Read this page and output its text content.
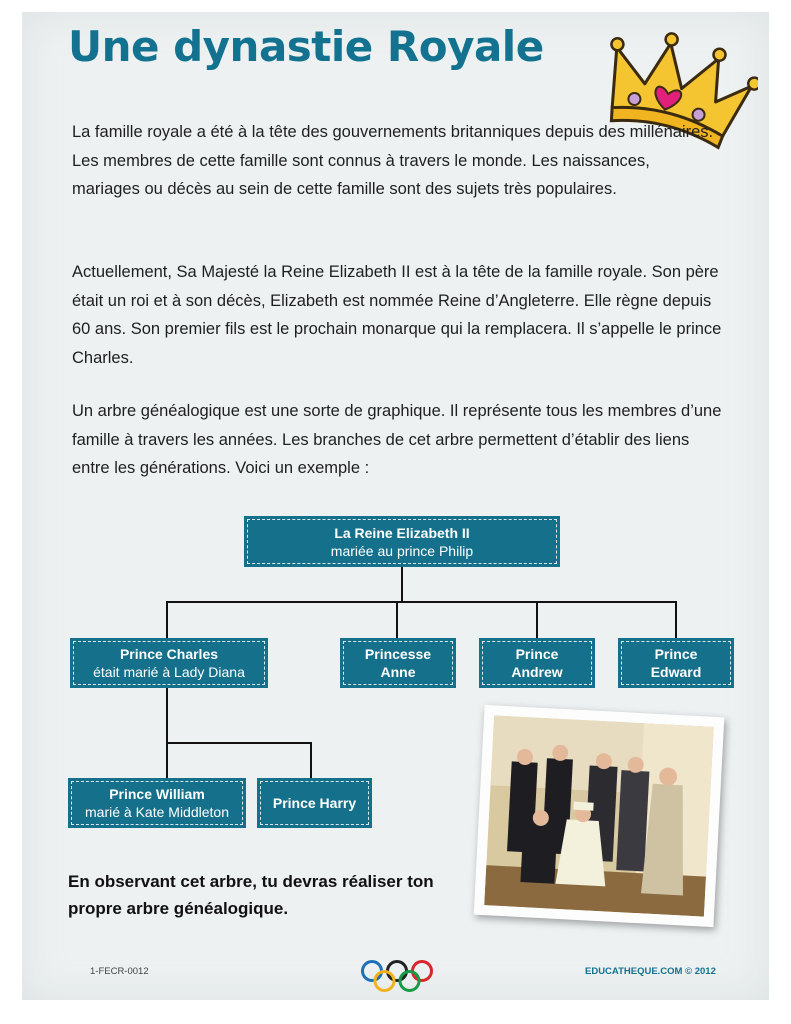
Une dynastie Royale

La famille royale a été à la tête des gouvernements britanniques depuis des millénaires. Les membres de cette famille sont connus à travers le monde. Les naissances, mariages ou décès au sein de cette famille sont des sujets très populaires.

Actuellement, Sa Majesté la Reine Elizabeth II est à la tête de la famille royale. Son père était un roi et à son décès, Elizabeth est nommée Reine d’Angleterre. Elle règne depuis 60 ans. Son premier fils est le prochain monarque qui la remplacera. Il s’appelle le prince Charles.

Un arbre généalogique est une sorte de graphique. Il représente tous les membres d’une famille à travers les années. Les branches de cet arbre permettent d’établir des liens entre les générations. Voici un exemple :

La Reine Elizabeth II
mariée au prince Philip
Prince Charles
était marié à Lady Diana
Princesse Anne
Prince Andrew
Prince Edward
Prince William
marié à Kate Middleton
Prince Harry

En observant cet arbre, tu devras réaliser ton propre arbre généalogique.

1-FECR-0012	EDUCATHEQUE.COM © 2012
